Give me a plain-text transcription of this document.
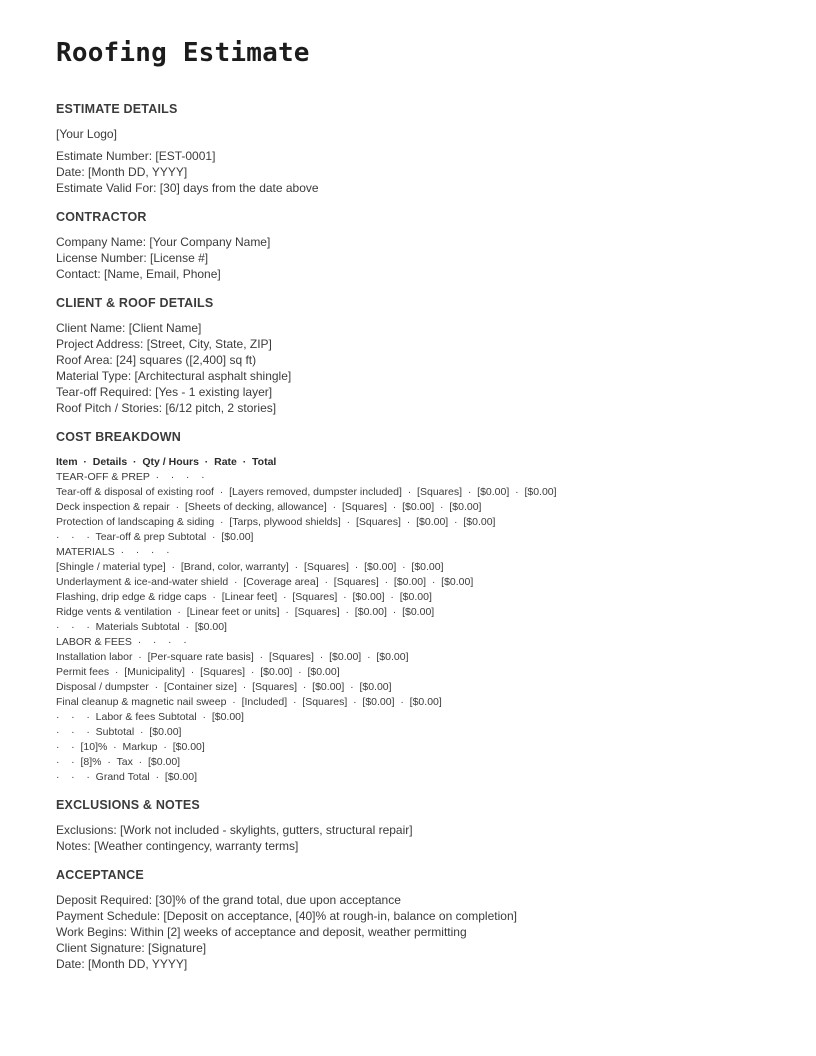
Roofing Estimate
ESTIMATE DETAILS
[Your Logo]
Estimate Number: [EST-0001]
Date: [Month DD, YYYY]
Estimate Valid For: [30] days from the date above
CONTRACTOR
Company Name: [Your Company Name]
License Number: [License #]
Contact: [Name, Email, Phone]
CLIENT & ROOF DETAILS
Client Name: [Client Name]
Project Address: [Street, City, State, ZIP]
Roof Area: [24] squares ([2,400] sq ft)
Material Type: [Architectural asphalt shingle]
Tear-off Required: [Yes - 1 existing layer]
Roof Pitch / Stories: [6/12 pitch, 2 stories]
COST BREAKDOWN
Item  ·  Details  ·  Qty / Hours  ·  Rate  ·  Total
TEAR-OFF & PREP  ·    ·    ·    ·
Tear-off & disposal of existing roof  ·  [Layers removed, dumpster included]  ·  [Squares]  ·  [$0.00]  ·  [$0.00]
Deck inspection & repair  ·  [Sheets of decking, allowance]  ·  [Squares]  ·  [$0.00]  ·  [$0.00]
Protection of landscaping & siding  ·  [Tarps, plywood shields]  ·  [Squares]  ·  [$0.00]  ·  [$0.00]
·    ·    ·  Tear-off & prep Subtotal  ·  [$0.00]
MATERIALS  ·    ·    ·    ·
[Shingle / material type]  ·  [Brand, color, warranty]  ·  [Squares]  ·  [$0.00]  ·  [$0.00]
Underlayment & ice-and-water shield  ·  [Coverage area]  ·  [Squares]  ·  [$0.00]  ·  [$0.00]
Flashing, drip edge & ridge caps  ·  [Linear feet]  ·  [Squares]  ·  [$0.00]  ·  [$0.00]
Ridge vents & ventilation  ·  [Linear feet or units]  ·  [Squares]  ·  [$0.00]  ·  [$0.00]
·    ·    ·  Materials Subtotal  ·  [$0.00]
LABOR & FEES  ·    ·    ·    ·
Installation labor  ·  [Per-square rate basis]  ·  [Squares]  ·  [$0.00]  ·  [$0.00]
Permit fees  ·  [Municipality]  ·  [Squares]  ·  [$0.00]  ·  [$0.00]
Disposal / dumpster  ·  [Container size]  ·  [Squares]  ·  [$0.00]  ·  [$0.00]
Final cleanup & magnetic nail sweep  ·  [Included]  ·  [Squares]  ·  [$0.00]  ·  [$0.00]
·    ·    ·  Labor & fees Subtotal  ·  [$0.00]
·    ·    ·  Subtotal  ·  [$0.00]
·    ·  [10]%  ·  Markup  ·  [$0.00]
·    ·  [8]%  ·  Tax  ·  [$0.00]
·    ·    ·  Grand Total  ·  [$0.00]
EXCLUSIONS & NOTES
Exclusions: [Work not included - skylights, gutters, structural repair]
Notes: [Weather contingency, warranty terms]
ACCEPTANCE
Deposit Required: [30]% of the grand total, due upon acceptance
Payment Schedule: [Deposit on acceptance, [40]% at rough-in, balance on completion]
Work Begins: Within [2] weeks of acceptance and deposit, weather permitting
Client Signature: [Signature]
Date: [Month DD, YYYY]
